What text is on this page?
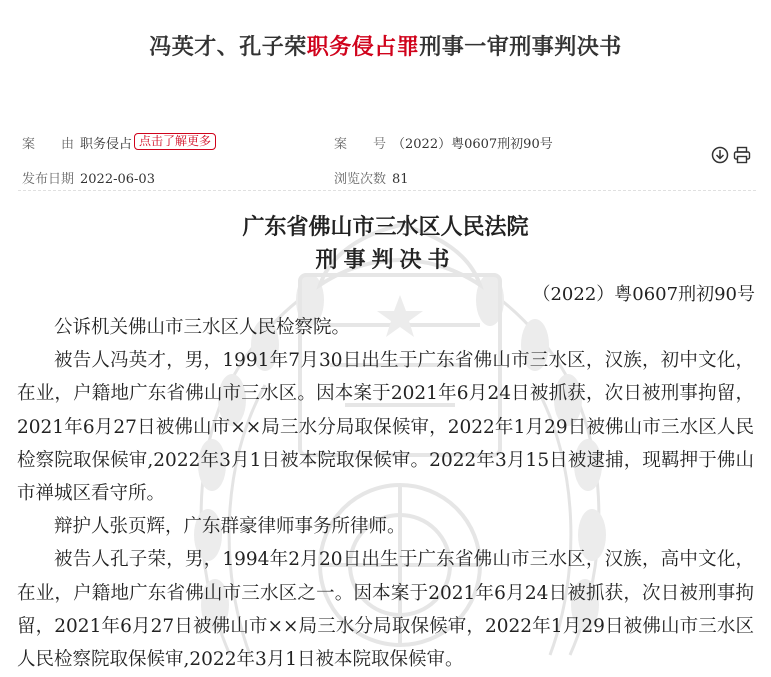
冯英才、孔子荣职务侵占罪刑事一审刑事判决书
案　　由 职务侵占 点击了解更多	案　　号 （2022）粤0607刑初90号
发布日期 2022-06-03	浏览次数 81
广东省佛山市三水区人民法院
刑事判决书
（2022）粤0607刑初90号

公诉机关佛山市三水区人民检察院。

被告人冯英才，男，1991年7月30日出生于广东省佛山市三水区，汉族，初中文化，在业，户籍地广东省佛山市三水区。因本案于2021年6月24日被抓获，次日被刑事拘留，2021年6月27日被佛山市××局三水分局取保候审，2022年1月29日被佛山市三水区人民检察院取保候审,2022年3月1日被本院取保候审。2022年3月15日被逮捕，现羁押于佛山市禅城区看守所。

辩护人张页辉，广东群豪律师事务所律师。

被告人孔子荣，男，1994年2月20日出生于广东省佛山市三水区，汉族，高中文化，在业，户籍地广东省佛山市三水区之一。因本案于2021年6月24日被抓获，次日被刑事拘留，2021年6月27日被佛山市××局三水分局取保候审，2022年1月29日被佛山市三水区人民检察院取保候审,2022年3月1日被本院取保候审。
